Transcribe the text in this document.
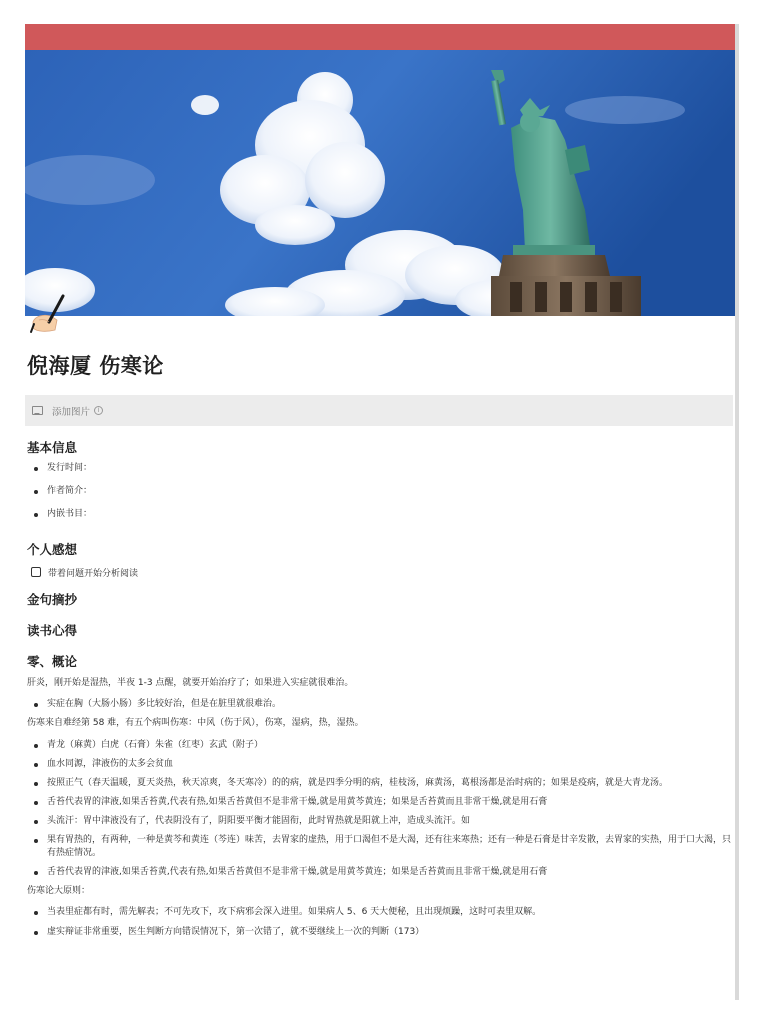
倪海厦 伤寒论
添加图片	i
基本信息
发行时间：
作者简介：
内嵌书目：
个人感想
带着问题开始分析阅读
金句摘抄
读书心得
零、概论

肝炎，刚开始是湿热，半夜 1-3 点醒，就要开始治疗了；如果进入实症就很难治。

实症在胸（大肠小肠）多比较好治，但是在脏里就很难治。

伤寒来自难经第 58 难，有五个病叫伤寒：中风（伤于风），伤寒，湿病，热，湿热。

青龙（麻黄）白虎（石膏）朱雀（红枣）玄武（附子）
血水同源，津液伤的太多会贫血
按照正气（春天温暖，夏天炎热，秋天凉爽，冬天寒冷）的的病，就是四季分明的病，桂枝汤，麻黄汤，葛根汤都是治时病的；如果是疫病，就是大青龙汤。
舌苔代表胃的津液,如果舌苔黄,代表有热,如果舌苔黄但不是非常干燥,就是用黄芩黄连；如果是舌苔黄而且非常干燥,就是用石膏
头流汗：胃中津液没有了，代表阴没有了，阴阳要平衡才能固衔，此时胃热就是阳就上冲，造成头流汗。如
果有胃热的，有两种，一种是黄芩和黄连（芩连）味苦，去胃家的虚热，用于口渴但不是大渴，还有往来寒热；还有一种是石膏是甘辛发散，去胃家的实热，用于口大渴，只有热症情况。
舌苔代表胃的津液,如果舌苔黄,代表有热,如果舌苔黄但不是非常干燥,就是用黄芩黄连；如果是舌苔黄而且非常干燥,就是用石膏

伤寒论大原则：

当表里症都有时，需先解表；不可先攻下，攻下病邪会深入进里。如果病人 5、6 天大便秘，且出现烦躁，这时可表里双解。
虚实辩证非常重要，医生判断方向错误情况下，第一次错了，就不要继续上一次的判断（173）
